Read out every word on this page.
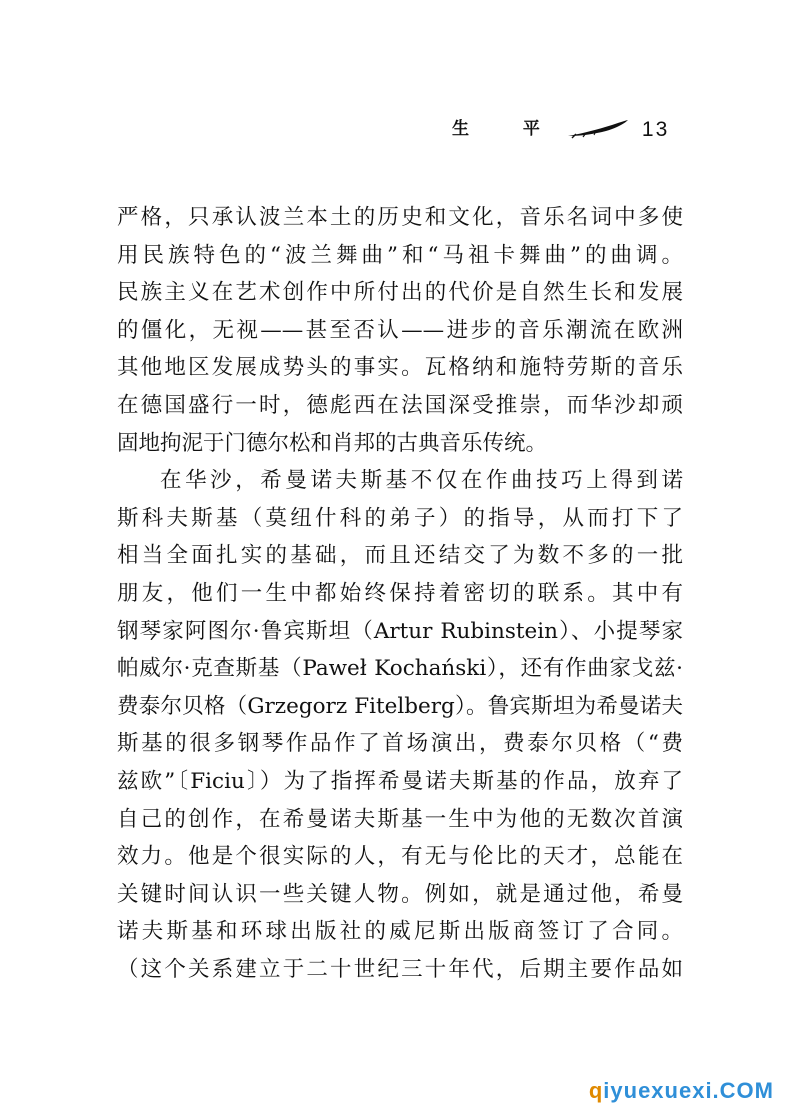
生 平	13
严格，只承认波兰本土的历史和文化，音乐名词中多使
用民族特色的“波兰舞曲”和“马祖卡舞曲”的曲调。
民族主义在艺术创作中所付出的代价是自然生长和发展
的僵化，无视——甚至否认——进步的音乐潮流在欧洲
其他地区发展成势头的事实。瓦格纳和施特劳斯的音乐
在德国盛行一时，德彪西在法国深受推崇，而华沙却顽
固地拘泥于门德尔松和肖邦的古典音乐传统。
在华沙，希曼诺夫斯基不仅在作曲技巧上得到诺
斯科夫斯基（莫纽什科的弟子）的指导，从而打下了
相当全面扎实的基础，而且还结交了为数不多的一批
朋友，他们一生中都始终保持着密切的联系。其中有
钢琴家阿图尔·鲁宾斯坦（Artur Rubinstein）、小提琴家
帕威尔·克查斯基（Paweł Kochański），还有作曲家戈兹·
费泰尔贝格（Grzegorz Fitelberg）。鲁宾斯坦为希曼诺夫
斯基的很多钢琴作品作了首场演出，费泰尔贝格（“费
兹欧”〔Ficiu〕）为了指挥希曼诺夫斯基的作品，放弃了
自己的创作，在希曼诺夫斯基一生中为他的无数次首演
效力。他是个很实际的人，有无与伦比的天才，总能在
关键时间认识一些关键人物。例如，就是通过他，希曼
诺夫斯基和环球出版社的威尼斯出版商签订了合同。
（这个关系建立于二十世纪三十年代，后期主要作品如
qiyuexuexi.COM
